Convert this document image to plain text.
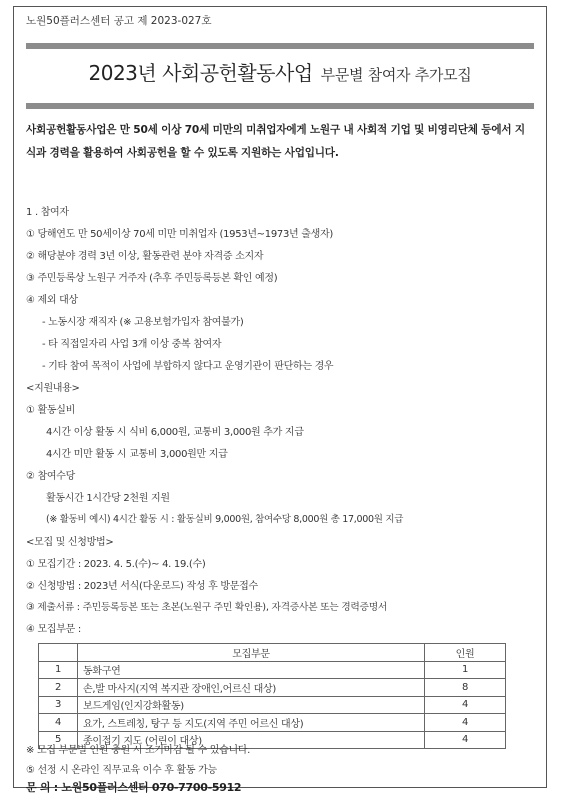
노원50플러스센터 공고 제 2023-027호
2023년 사회공헌활동사업 부문별 참여자 추가모집
사회공헌활동사업은 만 50세 이상 70세 미만의 미취업자에게 노원구 내 사회적 기업 및 비영리단체 등에서 지식과 경력을 활용하여 사회공헌을 할 수 있도록 지원하는 사업입니다.
1 . 참여자
① 당해연도 만 50세이상 70세 미만 미취업자 (1953년~1973년 출생자)
② 해당분야 경력 3년 이상, 활동관련 분야 자격증 소지자
③ 주민등록상 노원구 거주자 (추후 주민등록등본 확인 예정)
④ 제외 대상
- 노동시장 재직자 (※ 고용보험가입자 참여불가)
- 타 직접일자리 사업 3개 이상 중복 참여자
- 기타 참여 목적이 사업에 부합하지 않다고 운영기관이 판단하는 경우
<지원내용>
① 활동실비
4시간 이상 활동 시 식비 6,000원, 교통비 3,000원 추가 지급
4시간 미만 활동 시 교통비 3,000원만 지급
② 참여수당
활동시간 1시간당 2천원 지원
(※ 활동비 예시) 4시간 활동 시 : 활동실비 9,000원, 참여수당 8,000원 총 17,000원 지급
<모집 및 신청방법>
① 모집기간 : 2023. 4. 5.(수)~ 4. 19.(수)
② 신청방법 : 2023년 서식(다운로드) 작성 후 방문접수
③ 제출서류 : 주민등록등본 또는 초본(노원구 주민 확인용), 자격증사본 또는 경력증명서
④ 모집부문 :
	모집부문	인원
1	동화구연	1
2	손,발 마사지(지역 복지관 장애인,어르신 대상)	8
3	보드게임(인지강화활동)	4
4	요가, 스트레칭, 탕구 등 지도(지역 주민 어르신 대상)	4
5	종이접기 지도 (어린이 대상)	4
※ 모집 부문별 인원 충원 시 조기마감 될 수 있습니다.
⑤ 선정 시 온라인 직무교육 이수 후 활동 가능
문 의 : 노원50플러스센터 070-7700-5912
